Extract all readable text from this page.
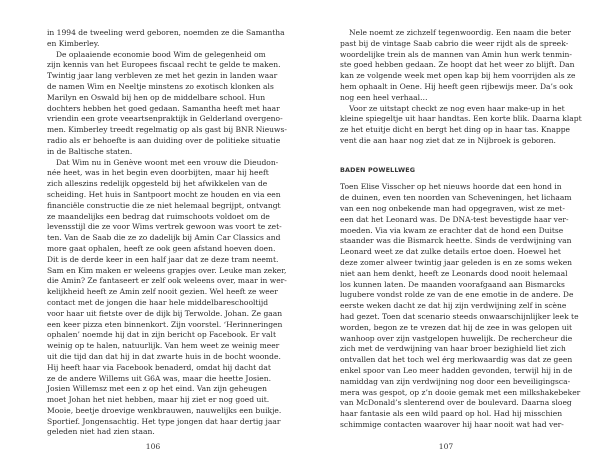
in 1994 de tweeling werd geboren, noemden ze die Samantha
en Kimberley.
De oplaaiende economie bood Wim de gelegenheid om
zijn kennis van het Europees fiscaal recht te gelde te maken.
Twintig jaar lang verbleven ze met het gezin in landen waar
de namen Wim en Neeltje minstens zo exotisch klonken als
Marilyn en Oswald bij hen op de middelbare school. Hun
dochters hebben het goed gedaan. Samantha heeft met haar
vriendin een grote veeartsenpraktijk in Gelderland overgeno-
men. Kimberley treedt regelmatig op als gast bij BNR Nieuws-
radio als er behoefte is aan duiding over de politieke situatie
in de Baltische staten.
Dat Wim nu in Genève woont met een vrouw die Dieudon-
née heet, was in het begin even doorbijten, maar hij heeft
zich alleszins redelijk opgesteld bij het afwikkelen van de
scheiding. Het huis in Santpoort mocht ze houden en via een
financiële constructie die ze niet helemaal begrijpt, ontvangt
ze maandelijks een bedrag dat ruimschoots voldoet om de
levensstijl die ze voor Wims vertrek gewoon was voort te zet-
ten. Van de Saab die ze zo dadelijk bij Amin Car Classics and
more gaat ophalen, heeft ze ook geen afstand hoeven doen.
Dit is de derde keer in een half jaar dat ze deze tram neemt.
Sam en Kim maken er weleens grapjes over. Leuke man zeker,
die Amin? Ze fantaseert er zelf ook weleens over, maar in wer-
kelijkheid heeft ze Amin zelf nooit gezien. Wel heeft ze weer
contact met de jongen die haar hele middelbareschooltijd
voor haar uit fietste over de dijk bij Terwolde. Johan. Ze gaan
een keer pizza eten binnenkort. Zijn voorstel. ‘Herinneringen
ophalen’ noemde hij dat in zijn bericht op Facebook. Er valt
weinig op te halen, natuurlijk. Van hem weet ze weinig meer
uit die tijd dan dat hij in dat zwarte huis in de bocht woonde.
Hij heeft haar via Facebook benaderd, omdat hij dacht dat
ze de andere Willems uit G6A was, maar die heette Josien.
Josien Willemsz met een z op het eind. Van zijn geheugen
moet Johan het niet hebben, maar hij ziet er nog goed uit.
Mooie, beetje droevige wenkbrauwen, nauwelijks een buikje.
Sportief. Jongensachtig. Het type jongen dat haar dertig jaar
geleden niet had zien staan.
106
Nele noemt ze zichzelf tegenwoordig. Een naam die beter
past bij de vintage Saab cabrio die weer rijdt als de spreek-
woordelijke trein als de mannen van Amin hun werk tenmin-
ste goed hebben gedaan. Ze hoopt dat het weer zo blijft. Dan
kan ze volgende week met open kap bij hem voorrijden als ze
hem ophaalt in Oene. Hij heeft geen rijbewijs meer. Da’s ook
nog een heel verhaal…
Voor ze uitstapt checkt ze nog even haar make-up in het
kleine spiegeltje uit haar handtas. Een korte blik. Daarna klapt
ze het etuitje dicht en bergt het ding op in haar tas. Knappe
vent die aan haar nog ziet dat ze in Nijbroek is geboren.
BADEN POWELLWEG
Toen Elise Visscher op het nieuws hoorde dat een hond in
de duinen, even ten noorden van Scheveningen, het lichaam
van een nog onbekende man had opgegraven, wist ze met-
een dat het Leonard was. De DNA-test bevestigde haar ver-
moeden. Via via kwam ze erachter dat de hond een Duitse
staander was die Bismarck heette. Sinds de verdwijning van
Leonard weet ze dat zulke details ertoe doen. Hoewel het
deze zomer alweer twintig jaar geleden is en ze soms weken
niet aan hem denkt, heeft ze Leonards dood nooit helemaal
los kunnen laten. De maanden voorafgaand aan Bismarcks
lugubere vondst rolde ze van de ene emotie in de andere. De
eerste weken dacht ze dat hij zijn verdwijning zelf in scène
had gezet. Toen dat scenario steeds onwaarschijnlijker leek te
worden, begon ze te vrezen dat hij de zee in was gelopen uit
wanhoop over zijn vastgelopen huwelijk. De rechercheur die
zich met de verdwijning van haar broer bezighield liet zich
ontvallen dat het toch wel érg merkwaardig was dat ze geen
enkel spoor van Leo meer hadden gevonden, terwijl hij in de
namiddag van zijn verdwijning nog door een beveiligingsca-
mera was gespot, op z’n dooie gemak met een milkshakebeker
van McDonald’s slenterend over de boulevard. Daarna sloeg
haar fantasie als een wild paard op hol. Had hij misschien
schimmige contacten waarover hij haar nooit wat had ver-
107
